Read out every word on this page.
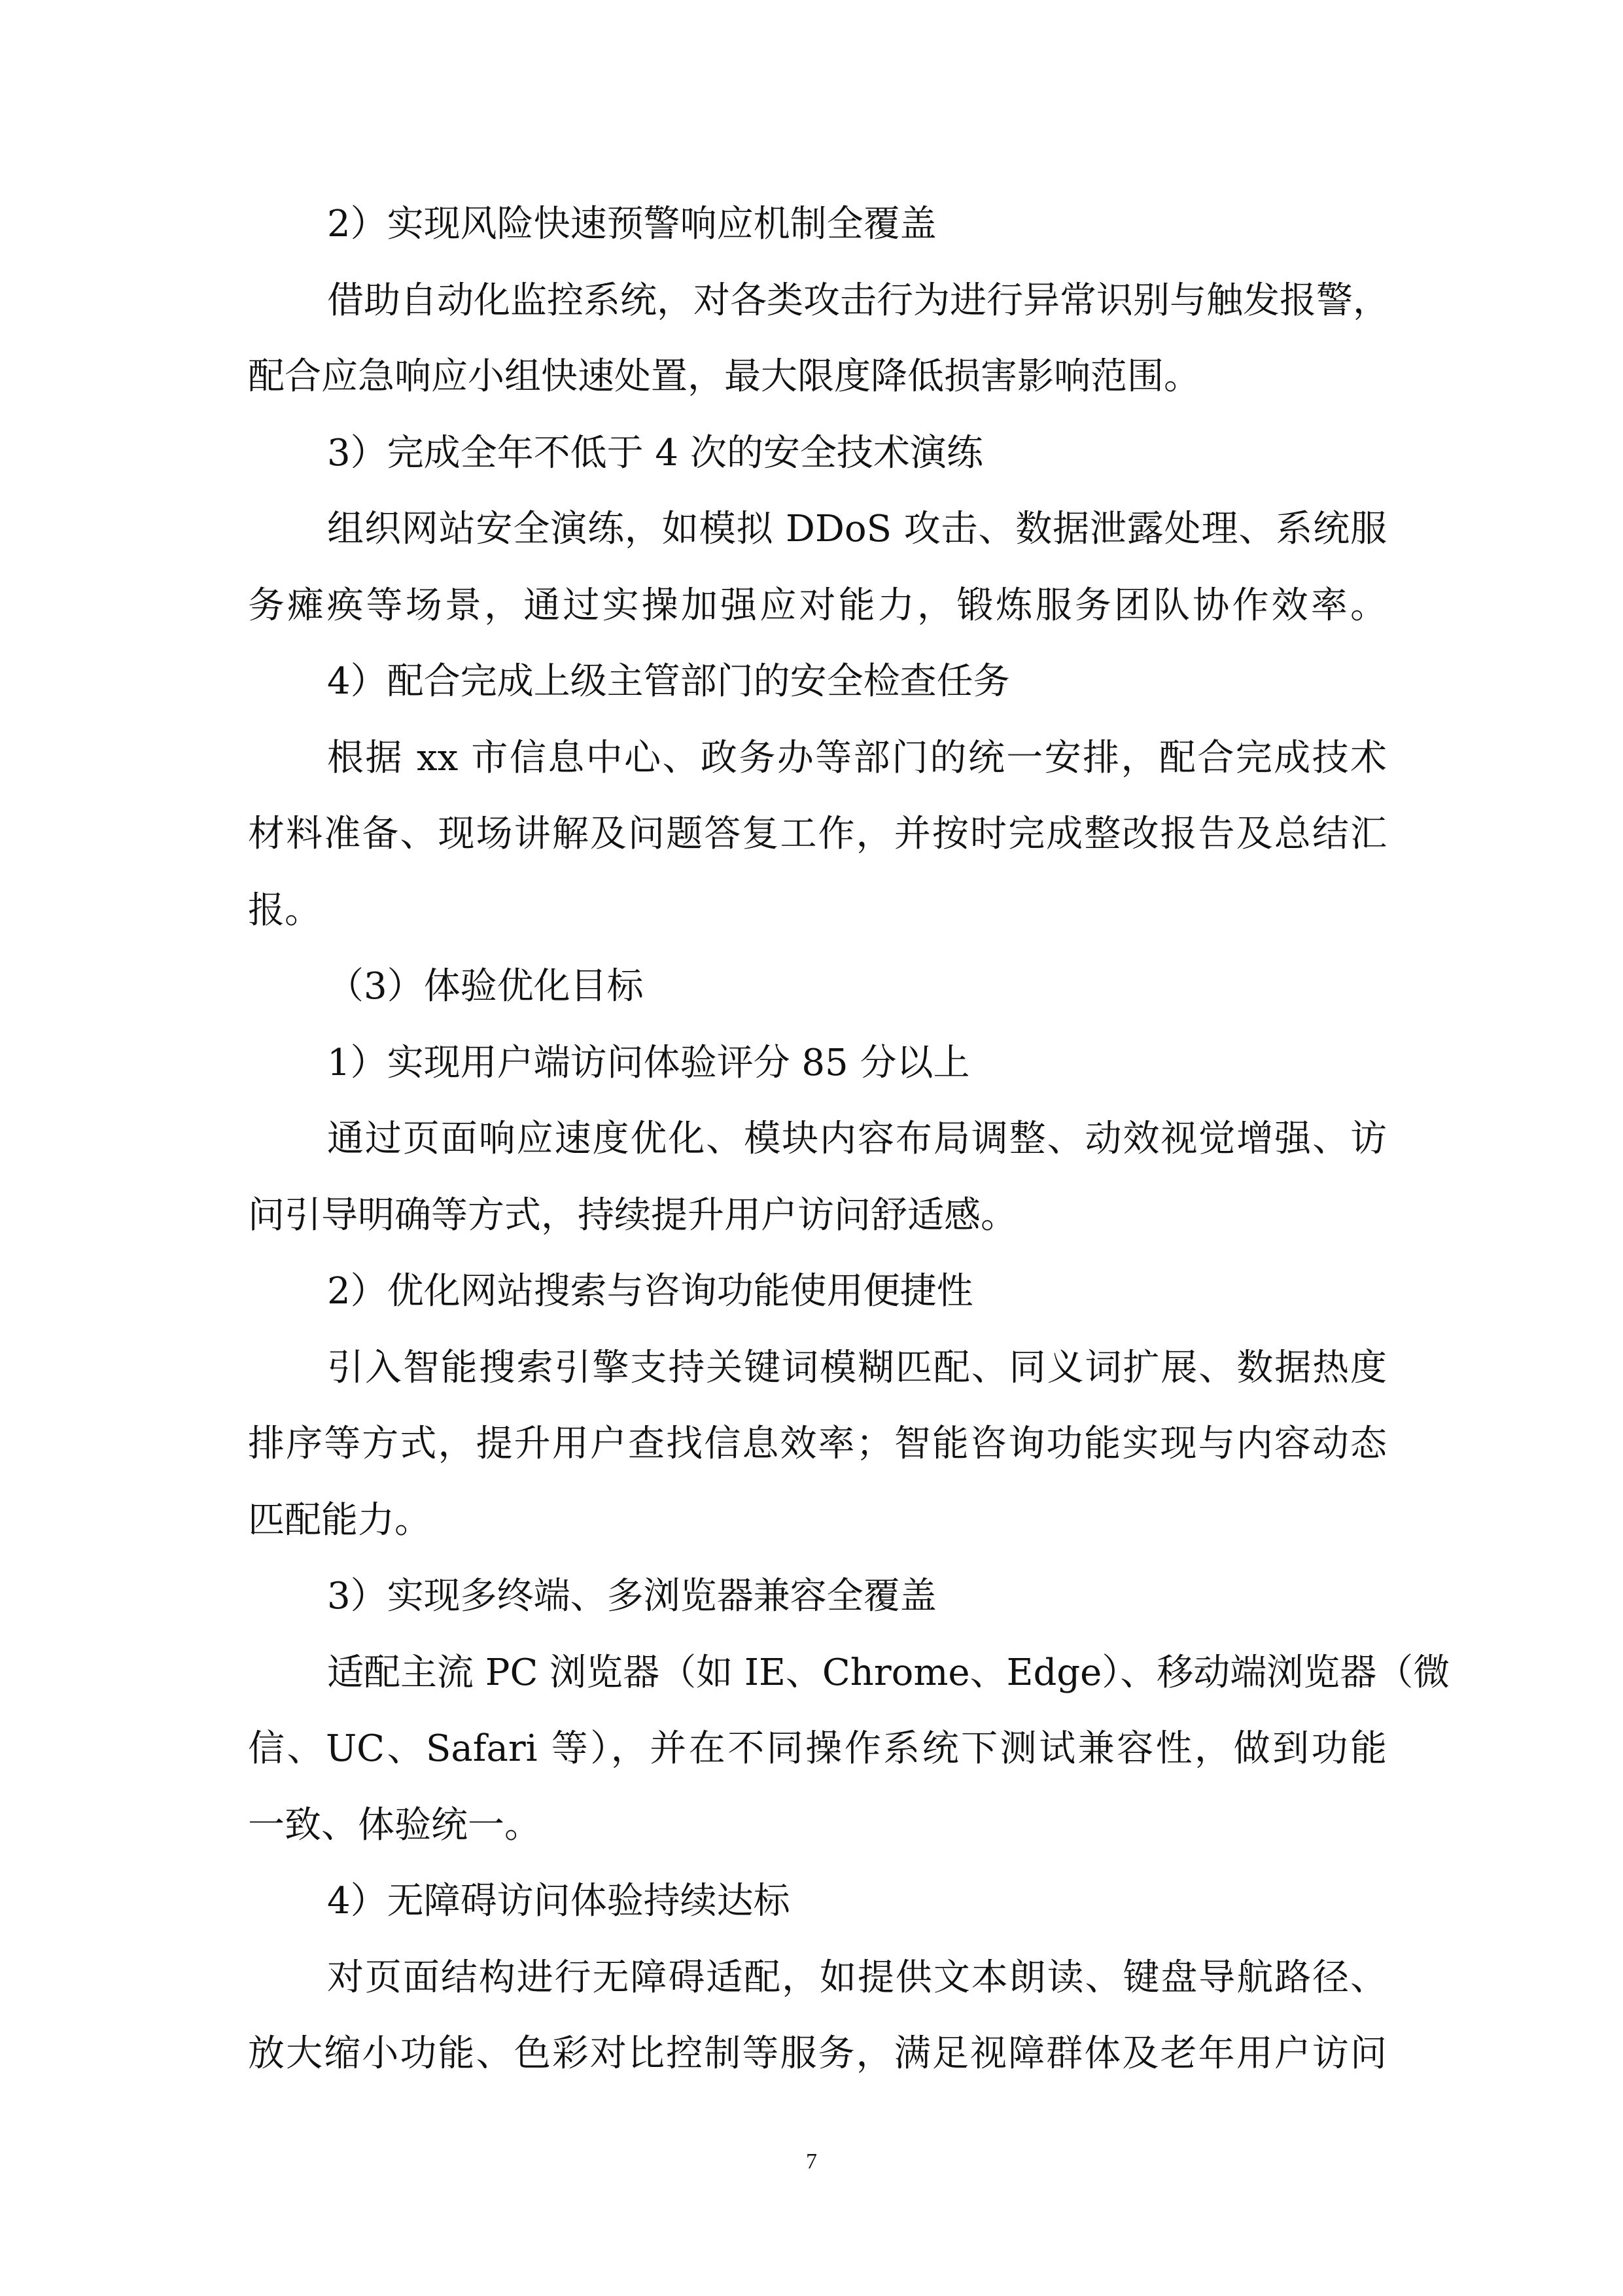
2）实现风险快速预警响应机制全覆盖
借助自动化监控系统，对各类攻击行为进行异常识别与触发报警，
配合应急响应小组快速处置，最大限度降低损害影响范围。
3）完成全年不低于 4 次的安全技术演练
组织网站安全演练，如模拟 DDoS 攻击、数据泄露处理、系统服
务瘫痪等场景，通过实操加强应对能力，锻炼服务团队协作效率。
4）配合完成上级主管部门的安全检查任务
根据 xx 市信息中心、政务办等部门的统一安排，配合完成技术
材料准备、现场讲解及问题答复工作，并按时完成整改报告及总结汇
报。
（3）体验优化目标
1）实现用户端访问体验评分 85 分以上
通过页面响应速度优化、模块内容布局调整、动效视觉增强、访
问引导明确等方式，持续提升用户访问舒适感。
2）优化网站搜索与咨询功能使用便捷性
引入智能搜索引擎支持关键词模糊匹配、同义词扩展、数据热度
排序等方式，提升用户查找信息效率；智能咨询功能实现与内容动态
匹配能力。
3）实现多终端、多浏览器兼容全覆盖
适配主流 PC 浏览器（如 IE、Chrome、Edge）、移动端浏览器（微
信、UC、Safari 等），并在不同操作系统下测试兼容性，做到功能
一致、体验统一。
4）无障碍访问体验持续达标
对页面结构进行无障碍适配，如提供文本朗读、键盘导航路径、
放大缩小功能、色彩对比控制等服务，满足视障群体及老年用户访问
7
